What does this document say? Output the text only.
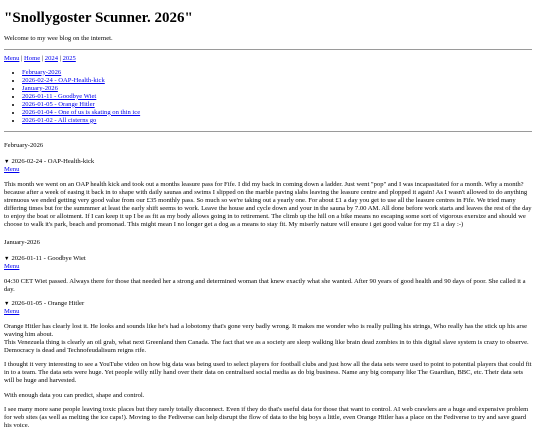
"Snollygoster Scunner. 2026"

Welcome to my wee blog on the internet.

Menu | Home | 2024 | 2025
• February-2026
• 2026-02-24 - OAP-Health-kick
• January-2026
• 2026-01-11 - Goodbye Wiet
• 2026-01-05 - Orange Hitler
• 2026-01-04 - One of us is skating on thin ice
• 2026-01-02 - All cisterns go
February-2026
▼ 2026-02-24 - OAP-Health-kick
Menu

This month we went on an OAP health kick and took out a months leasure pass for Fife. I did my back in coming down a ladder. Just went "pop" and I was incapasitated for a month. Why a month? because after a week of easing it back in to shape with daily saunas and swims I slipped on the marble paving slabs leaving the leasure centre and plopped it again! As I wasn't allowed to do anything strenuous we ended getting very good value from our £35 monthly pass. So much so we're taking out a yearly one. For about £1 a day you get to use all the leasure centres in Fife. We tried many differing times but for the summmer at least the early shift seems to work. Leave the house and cycle down and your in the sauna by 7.00 AM. All done before work starts and leaves the rest of the day to enjoy the boat or allotment. If I can keep it up I be as fit as my body allows going in to retirement. The climb up the hill on a bike means no escaping some sort of vigorous exersize and should we choose to walk it's park, beach and promonad. This might mean I no longer get a dog as a means to stay fit. My miserly nature will ensure i get good value for my £1 a day :-)

January-2026
▼ 2026-01-11 - Goodbye Wiet
Menu

04:30 CET Wiet passed. Always there for those that needed her a strong and determined woman that knew exactly what she wanted. After 90 years of good health and 90 days of poor. She called it a day.

▼ 2026-01-05 - Orange Hitler
Menu

Orange Hitler has clearly lost it. He looks and sounds like he's had a lobotomy that's gone very badly wrong. It makes me wonder who is really pulling his strings, Who really has the stick up his arse waving him about.
This Venezuela thing is clearly an oil grab, what next Greenland then Canada. The fact that we as a society are sleep walking like brain dead zombies in to this digital slave system is crazy to observe. Democracy is dead and Technofeudalisum reigns rife.

I thought it very interesting to see a YouTube video on how big data was being used to select players for football clubs and just how all the data sets were used to point to potential players that could fit in to a team. The data sets were huge. Yet people willy nilly hand over their data on centralised social media as do big business. Name any big company like The Guardian, BBC, etc. Their data sets will be huge and harvested.

With enough data you can predict, shape and control.

I see many more sane people leaving toxic places but they rarely totally disconnect. Even if they do that's useful data for those that want to control. AI web crawlers are a huge and expensive problem for web sites (as well as melting the ice caps!). Moving to the Fediverse can help disrupt the flow of data to the big boys a little, even Orange Hitler has a place on the Fediverse to try and save guard his voice.
